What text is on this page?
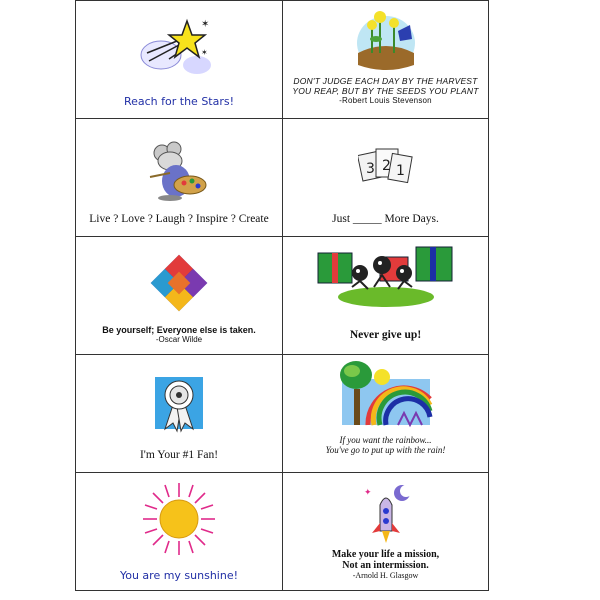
✶
✶

Reach for the Stars!

DON'T JUDGE EACH DAY BY THE HARVEST
YOU REAP, BUT BY THE SEEDS YOU PLANT
-Robert Louis Stevenson

Live ? Love ? Laugh ? Inspire ? Create

3 2 1

Just _____ More Days.

Be yourself; Everyone else is taken.
-Oscar Wilde	Never give up!

I'm Your #1 Fan!

If you want the rainbow...
You've go to put up with the rain!

You are my sunshine!

✦

Make your life a mission,
Not an intermission.
-Arnold H. Glasgow
